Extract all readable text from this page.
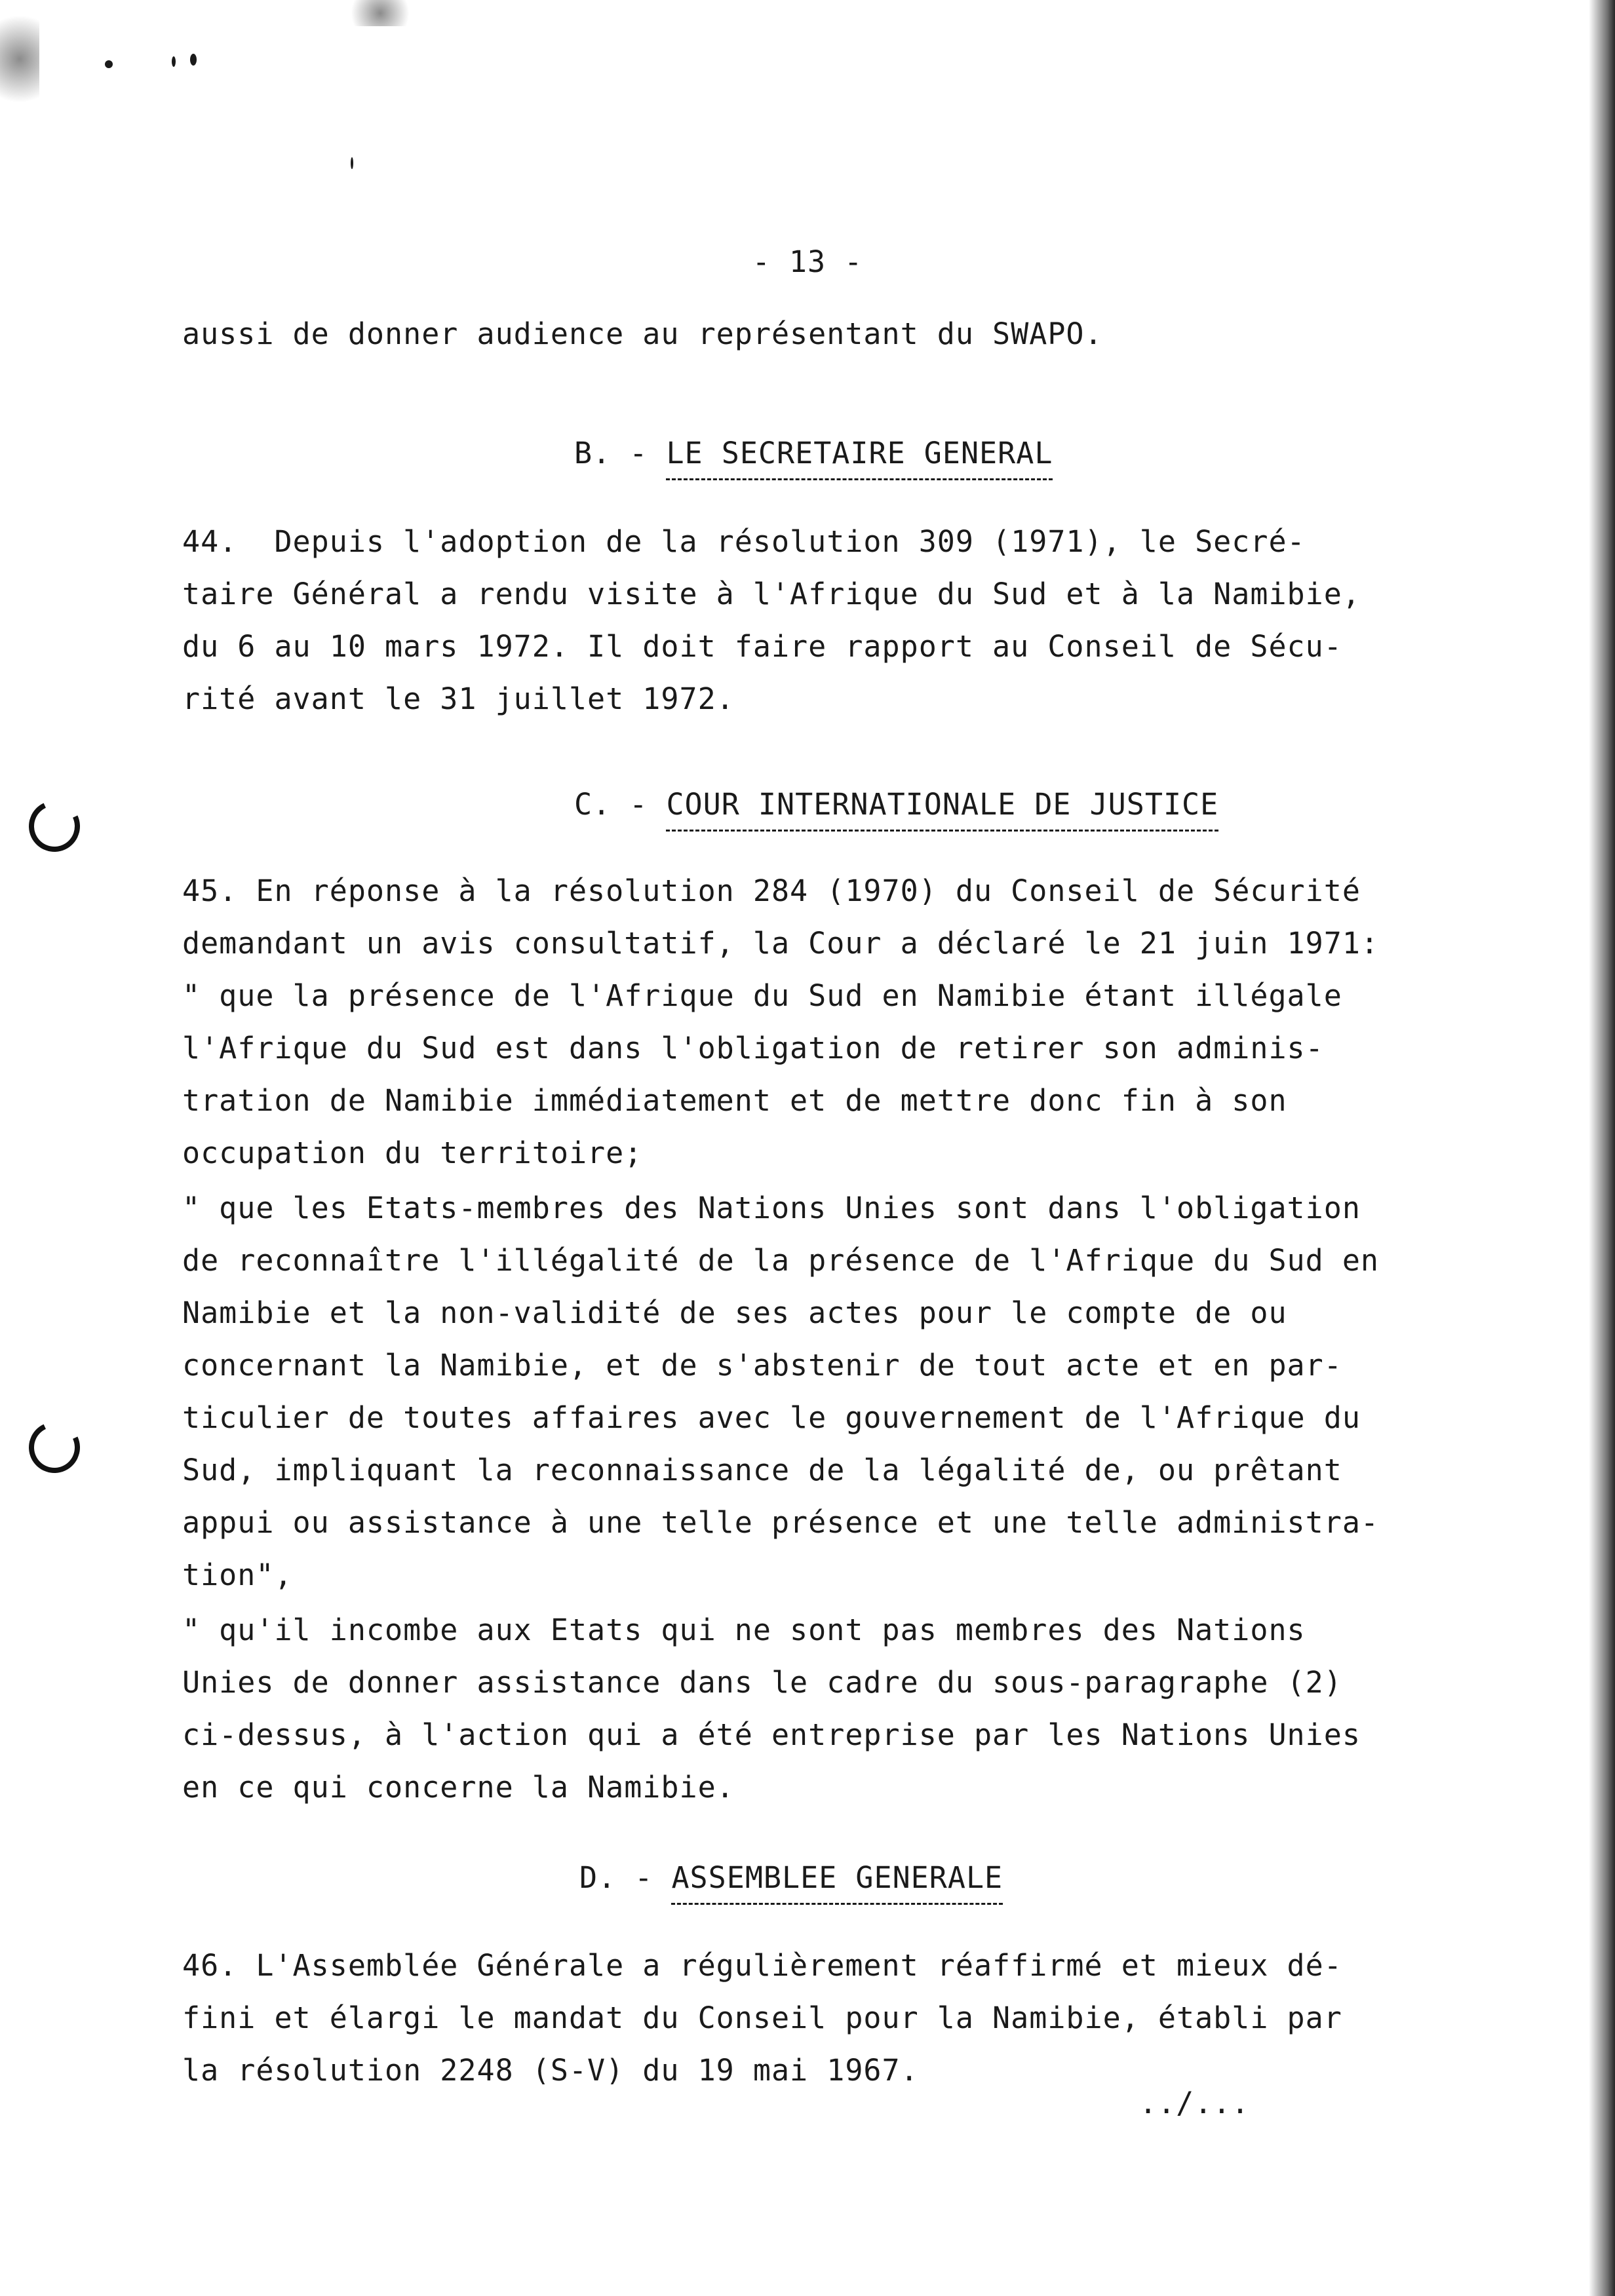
- 13 -

aussi de donner audience au représentant du SWAPO.

B. - LE SECRETAIRE GENERAL

44.  Depuis l'adoption de la résolution 309 (1971), le Secré-

taire Général a rendu visite à l'Afrique du Sud et à la Namibie,

du 6 au 10 mars 1972. Il doit faire rapport au Conseil de Sécu-

rité avant le 31 juillet 1972.

C. - COUR INTERNATIONALE DE JUSTICE

45. En réponse à la résolution 284 (1970) du Conseil de Sécurité

demandant un avis consultatif, la Cour a déclaré le 21 juin 1971:

" que la présence de l'Afrique du Sud en Namibie étant illégale

l'Afrique du Sud est dans l'obligation de retirer son adminis-

tration de Namibie immédiatement et de mettre donc fin à son

occupation du territoire;

" que les Etats-membres des Nations Unies sont dans l'obligation

de reconnaître l'illégalité de la présence de l'Afrique du Sud en

Namibie et la non-validité de ses actes pour le compte de ou

concernant la Namibie, et de s'abstenir de tout acte et en par-

ticulier de toutes affaires avec le gouvernement de l'Afrique du

Sud, impliquant la reconnaissance de la légalité de, ou prêtant

appui ou assistance à une telle présence et une telle administra-

tion",

" qu'il incombe aux Etats qui ne sont pas membres des Nations

Unies de donner assistance dans le cadre du sous-paragraphe (2)

ci-dessus, à l'action qui a été entreprise par les Nations Unies

en ce qui concerne la Namibie.

D. - ASSEMBLEE GENERALE

46. L'Assemblée Générale a régulièrement réaffirmé et mieux dé-

fini et élargi le mandat du Conseil pour la Namibie, établi par

la résolution 2248 (S-V) du 19 mai 1967.

../...
